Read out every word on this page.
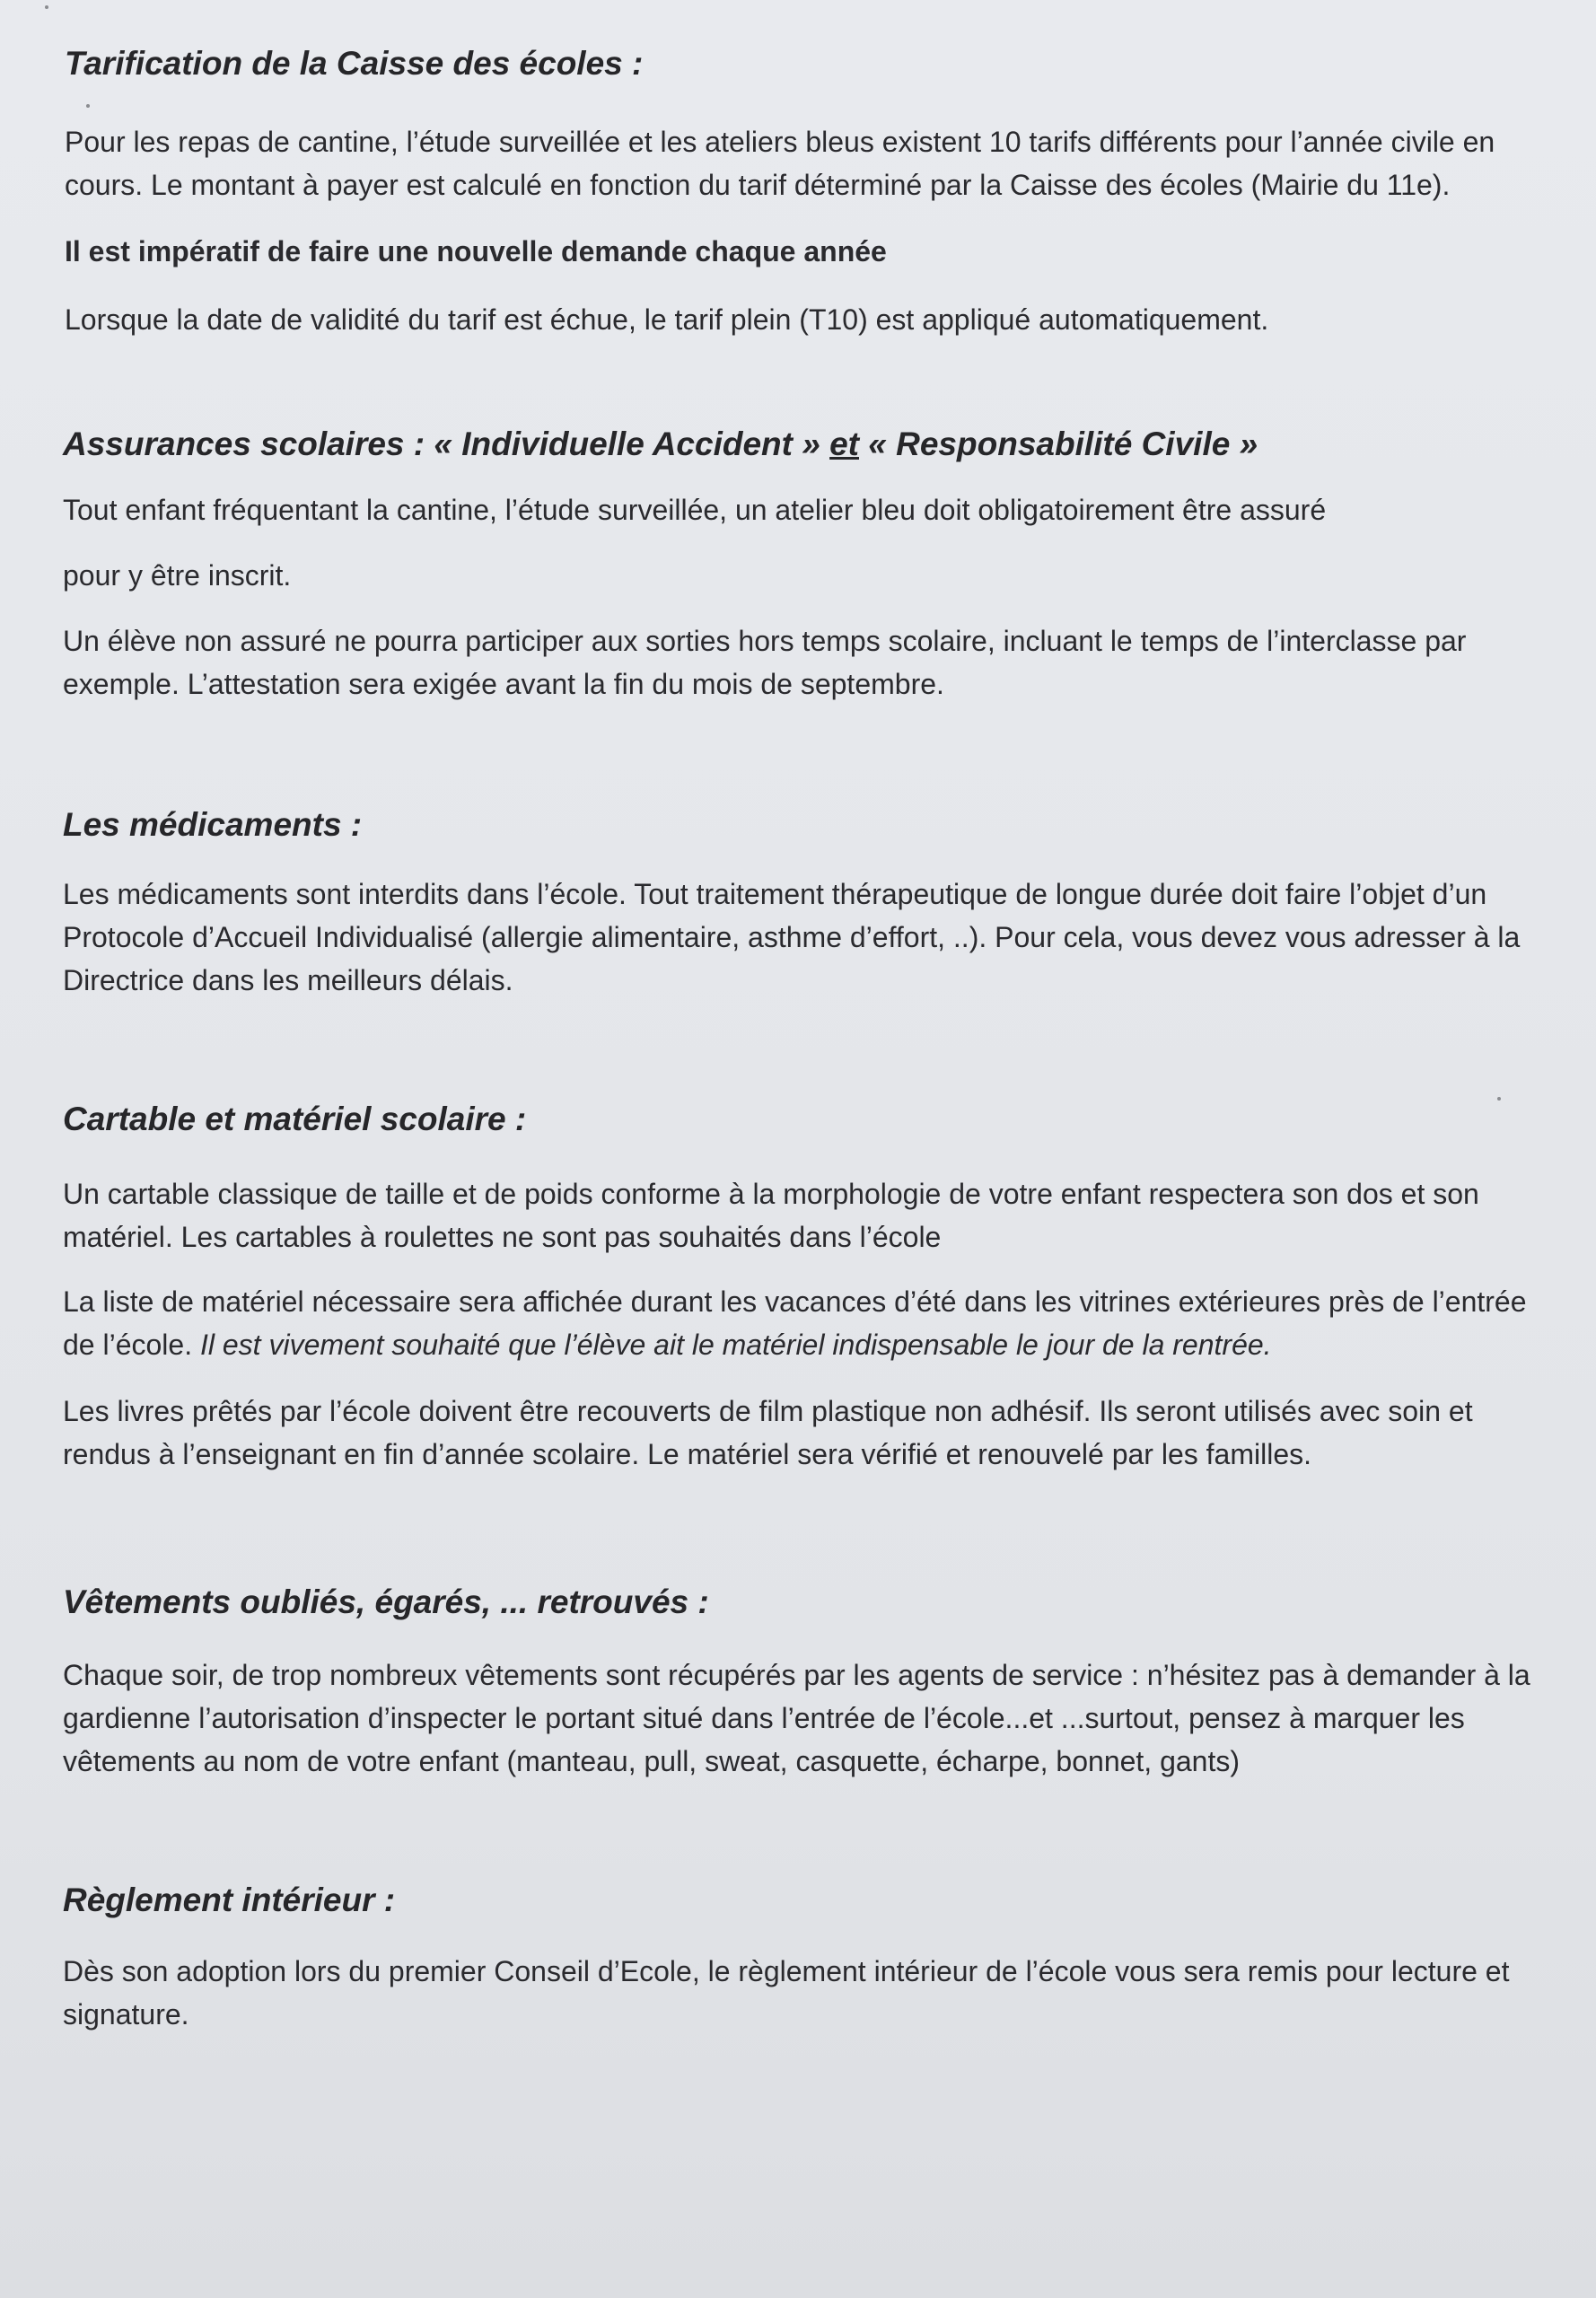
Tarification de la Caisse des écoles :

Pour les repas de cantine, l’étude surveillée et les ateliers bleus existent 10 tarifs différents pour l’année civile en cours. Le montant à payer est calculé en fonction du tarif déterminé par la Caisse des écoles (Mairie du 11e).

Il est impératif de faire une nouvelle demande chaque année

Lorsque la date de validité du tarif est échue, le tarif plein (T10) est appliqué automatiquement.

Assurances scolaires : « Individuelle Accident » et « Responsabilité Civile »

Tout enfant fréquentant la cantine, l’étude surveillée, un atelier bleu doit obligatoirement être assuré

pour y être inscrit.

Un élève non assuré ne pourra participer aux sorties hors temps scolaire, incluant le temps de l’interclasse par exemple. L’attestation sera exigée avant la fin du mois de septembre.

Les médicaments :

Les médicaments sont interdits dans l’école. Tout traitement thérapeutique de longue durée doit faire l’objet d’un Protocole d’Accueil Individualisé (allergie alimentaire, asthme d’effort, ..). Pour cela, vous devez vous adresser à la Directrice dans les meilleurs délais.

Cartable et matériel scolaire :

Un cartable classique de taille et de poids conforme à la morphologie de votre enfant respectera son dos et son matériel. Les cartables à roulettes ne sont pas souhaités dans l’école

La liste de matériel nécessaire sera affichée durant les vacances d’été dans les vitrines extérieures près de l’entrée de l’école. Il est vivement souhaité que l’élève ait le matériel indispensable le jour de la rentrée.

Les livres prêtés par l’école doivent être recouverts de film plastique non adhésif. Ils seront utilisés avec soin et rendus à l’enseignant en fin d’année scolaire. Le matériel sera vérifié et renouvelé par les familles.

Vêtements oubliés, égarés, ... retrouvés :

Chaque soir, de trop nombreux vêtements sont récupérés par les agents de service : n’hésitez pas à demander à la gardienne l’autorisation d’inspecter le portant situé dans l’entrée de l’école...et ...surtout, pensez à marquer les vêtements au nom de votre enfant (manteau, pull, sweat, casquette, écharpe, bonnet, gants)

Règlement intérieur :

Dès son adoption lors du premier Conseil d’Ecole, le règlement intérieur de l’école vous sera remis pour lecture et signature.
